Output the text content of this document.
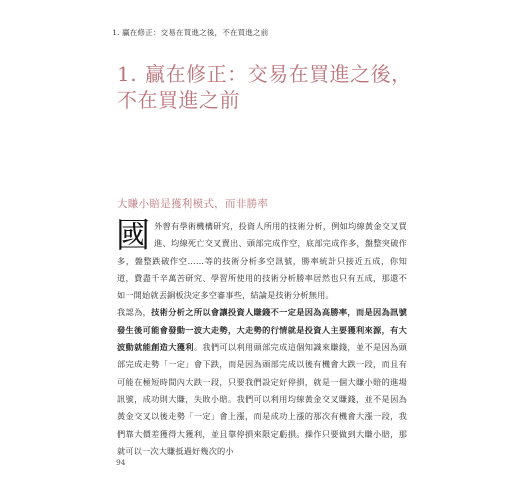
1. 贏在修正：交易在買進之後，不在買進之前
1. 贏在修正：交易在買進之後，不在買進之前
大賺小賠是獲利模式，而非勝率

國外曾有學術機構研究，投資人所用的技術分析，例如均線黃金交叉買進、均線死亡交叉賣出、頭部完成作空，底部完成作多，盤整突破作多，盤整跌破作空……等的技術分析多空訊號，勝率統計只接近五成，你知道，費盡千辛萬苦研究、學習所使用的技術分析勝率居然也只有五成，那還不如一開始就丟銅板決定多空審事些，結論是技術分析無用。

我認為，技術分析之所以會讓投資人賺錢不一定是因為高勝率，而是因為訊號發生後可能會發動一波大走勢，大走勢的行情就是投資人主要獲利來源，有大波動就能創造大獲利。我們可以利用頭部完成這個知識來賺錢，並不是因為頭部完成走勢「一定」會下跌，而是因為頭部完成以後有機會大跌一段，而且有可能在極短時間內大跌一段，只要我們設定好停損，就是一個大賺小賠的進場訊號，成功則大賺，失敗小賠。我們可以利用均線黃金交叉賺錢，並不是因為黃金交叉以後走勢「一定」會上漲，而是成功上漲的那次有機會大漲一段，我們靠大價差獲得大獲利，並且靠停損來限定虧損。操作只要做到大賺小賠，那就可以一次大賺抵過好幾次的小

94
